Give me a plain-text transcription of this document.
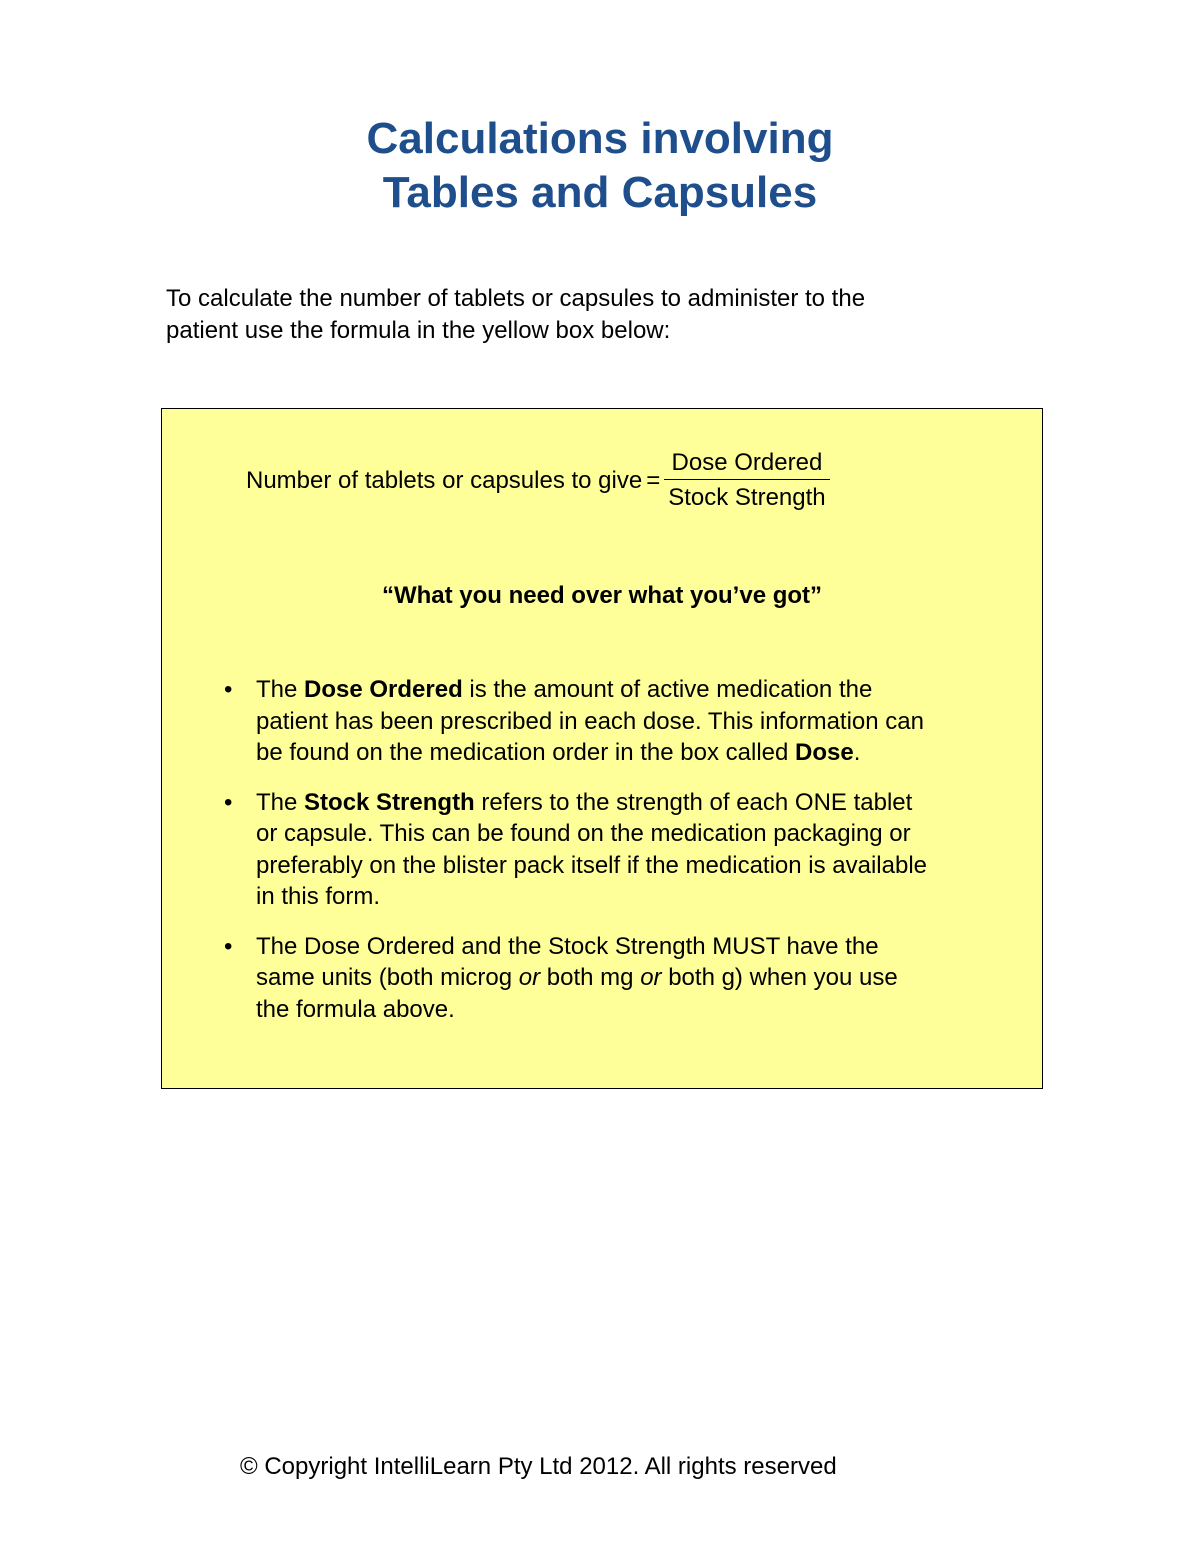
Calculations involving
Tables and Capsules

To calculate the number of tablets or capsules to administer to the
patient use the formula in the yellow box below:

Number of tablets or capsules to give = $\frac{\text{Dose Ordered}}{\text{Stock Strength}}$

“What you need over what you’ve got”

• The Dose Ordered is the amount of active medication the
patient has been prescribed in each dose. This information can
be found on the medication order in the box called Dose.
• The Stock Strength refers to the strength of each ONE tablet
or capsule. This can be found on the medication packaging or
preferably on the blister pack itself if the medication is available
in this form.
• The Dose Ordered and the Stock Strength MUST have the
same units (both microg or both mg or both g) when you use
the formula above.

© Copyright IntelliLearn Pty Ltd 2012. All rights reserved
